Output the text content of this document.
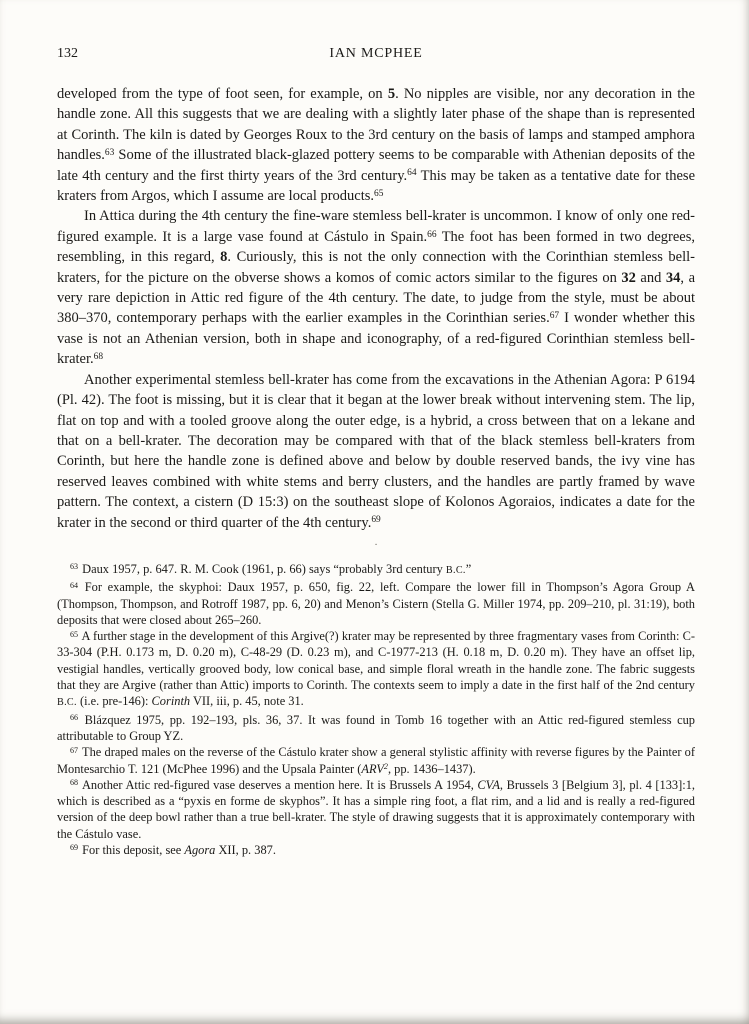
132	IAN MCPHEE

developed from the type of foot seen, for example, on 5. No nipples are visible, nor any decoration in the handle zone. All this suggests that we are dealing with a slightly later phase of the shape than is represented at Corinth. The kiln is dated by Georges Roux to the 3rd century on the basis of lamps and stamped amphora handles.$^{63}$ Some of the illustrated black-glazed pottery seems to be comparable with Athenian deposits of the late 4th century and the first thirty years of the 3rd century.$^{64}$ This may be taken as a tentative date for these kraters from Argos, which I assume are local products.$^{65}$

In Attica during the 4th century the fine-ware stemless bell-krater is uncommon. I know of only one red-figured example. It is a large vase found at Cástulo in Spain.$^{66}$ The foot has been formed in two degrees, resembling, in this regard, 8. Curiously, this is not the only connection with the Corinthian stemless bell-kraters, for the picture on the obverse shows a komos of comic actors similar to the figures on 32 and 34, a very rare depiction in Attic red figure of the 4th century. The date, to judge from the style, must be about 380–370, contemporary perhaps with the earlier examples in the Corinthian series.$^{67}$ I wonder whether this vase is not an Athenian version, both in shape and iconography, of a red-figured Corinthian stemless bell-krater.$^{68}$

Another experimental stemless bell-krater has come from the excavations in the Athenian Agora: P 6194 (Pl. 42). The foot is missing, but it is clear that it began at the lower break without intervening stem. The lip, flat on top and with a tooled groove along the outer edge, is a hybrid, a cross between that on a lekane and that on a bell-krater. The decoration may be compared with that of the black stemless bell-kraters from Corinth, but here the handle zone is defined above and below by double reserved bands, the ivy vine has reserved leaves combined with white stems and berry clusters, and the handles are partly framed by wave pattern. The context, a cistern (D 15:3) on the southeast slope of Kolonos Agoraios, indicates a date for the krater in the second or third quarter of the 4th century.$^{69}$

·

$^{63}$ Daux 1957, p. 647. R. M. Cook (1961, p. 66) says “probably 3rd century B.C.”

$^{64}$ For example, the skyphoi: Daux 1957, p. 650, fig. 22, left. Compare the lower fill in Thompson’s Agora Group A (Thompson, Thompson, and Rotroff 1987, pp. 6, 20) and Menon’s Cistern (Stella G. Miller 1974, pp. 209–210, pl. 31:19), both deposits that were closed about 265–260.

$^{65}$ A further stage in the development of this Argive(?) krater may be represented by three fragmentary vases from Corinth: C-33-304 (P.H. 0.173 m, D. 0.20 m), C-48-29 (D. 0.23 m), and C-1977-213 (H. 0.18 m, D. 0.20 m). They have an offset lip, vestigial handles, vertically grooved body, low conical base, and simple floral wreath in the handle zone. The fabric suggests that they are Argive (rather than Attic) imports to Corinth. The contexts seem to imply a date in the first half of the 2nd century B.C. (i.e. pre-146): Corinth VII, iii, p. 45, note 31.

$^{66}$ Blázquez 1975, pp. 192–193, pls. 36, 37. It was found in Tomb 16 together with an Attic red-figured stemless cup attributable to Group YZ.

$^{67}$ The draped males on the reverse of the Cástulo krater show a general stylistic affinity with reverse figures by the Painter of Montesarchio T. 121 (McPhee 1996) and the Upsala Painter (ARV$^2$, pp. 1436–1437).

$^{68}$ Another Attic red-figured vase deserves a mention here. It is Brussels A 1954, CVA, Brussels 3 [Belgium 3], pl. 4 [133]:1, which is described as a “pyxis en forme de skyphos”. It has a simple ring foot, a flat rim, and a lid and is really a red-figured version of the deep bowl rather than a true bell-krater. The style of drawing suggests that it is approximately contemporary with the Cástulo vase.

$^{69}$ For this deposit, see Agora XII, p. 387.
